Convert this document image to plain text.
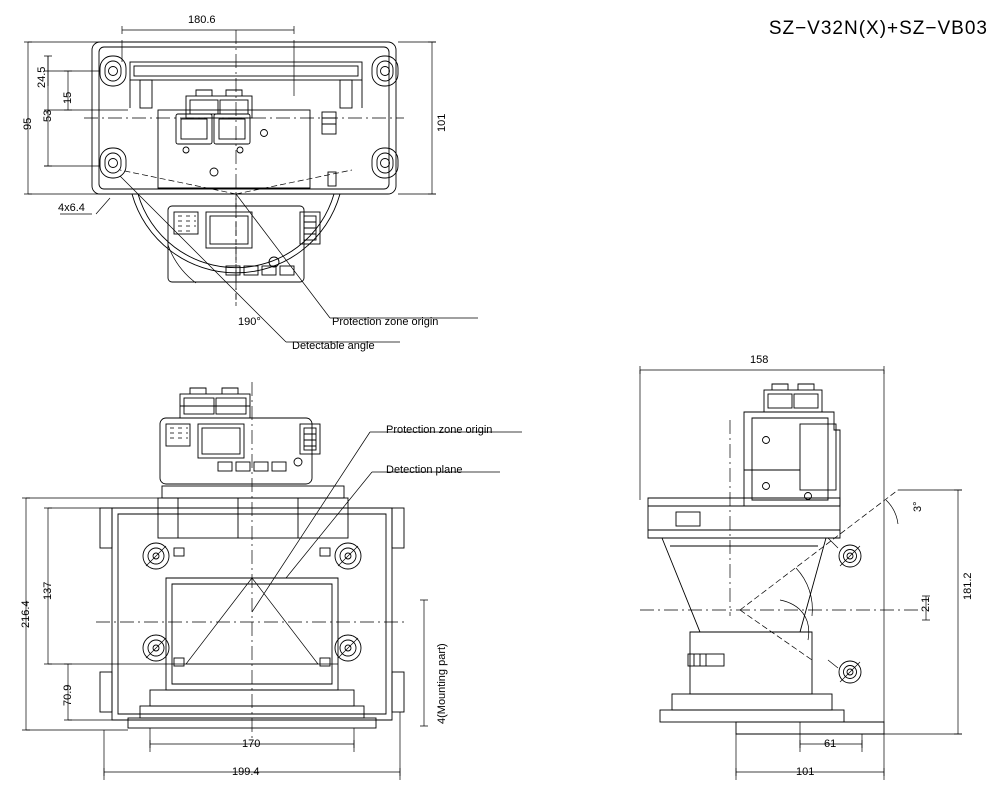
SZ−V32N(X)+SZ−VB03
180.6
101
95
53
24.5
15
4x6.4
190°	Protection zone origin
Detectable angle
216.4
137
70.9
170
199.4
4(Mounting part)
Protection zone origin
Detection plane
158
181.2
2.1
3°
61
101
